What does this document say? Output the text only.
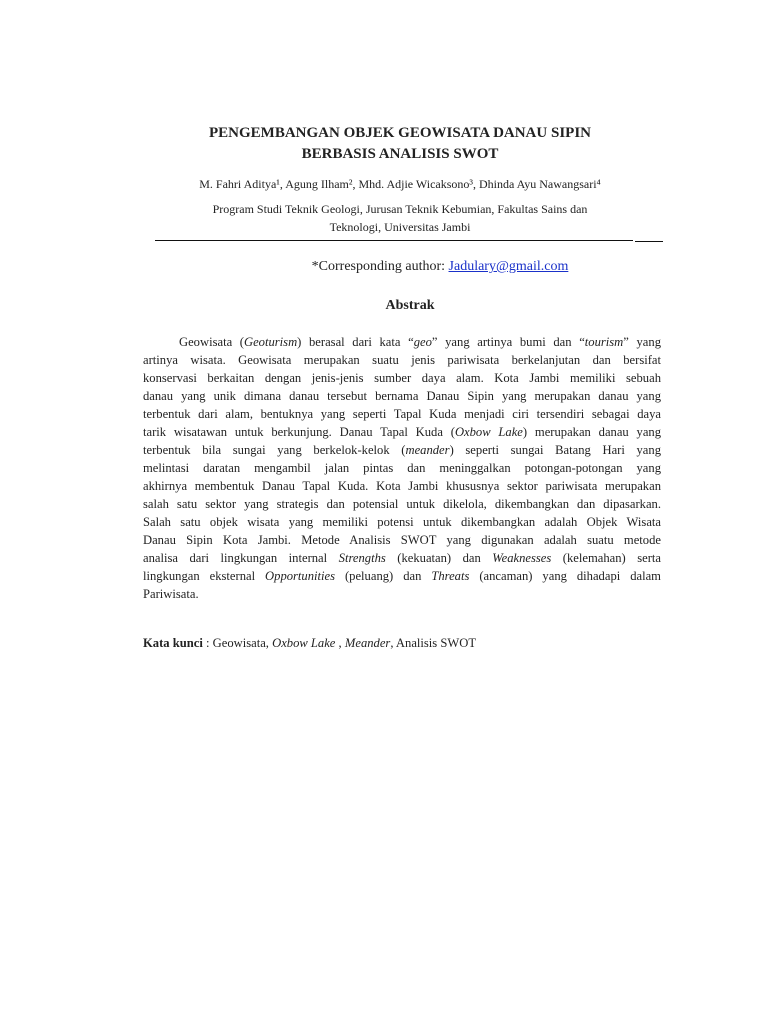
PENGEMBANGAN OBJEK GEOWISATA DANAU SIPIN
BERBASIS ANALISIS SWOT
M. Fahri Aditya¹, Agung Ilham², Mhd. Adjie Wicaksono³, Dhinda Ayu Nawangsari⁴
Program Studi Teknik Geologi, Jurusan Teknik Kebumian, Fakultas Sains dan
Teknologi, Universitas Jambi
*Corresponding author: Jadulary@gmail.com
Abstrak
Geowisata (Geoturism) berasal dari kata “geo” yang artinya bumi dan “tourism” yang
artinya wisata. Geowisata merupakan suatu jenis pariwisata berkelanjutan dan bersifat
konservasi berkaitan dengan jenis-jenis sumber daya alam. Kota Jambi memiliki sebuah
danau yang unik dimana danau tersebut bernama Danau Sipin yang merupakan danau yang
terbentuk dari alam, bentuknya yang seperti Tapal Kuda menjadi ciri tersendiri sebagai daya
tarik wisatawan untuk berkunjung. Danau Tapal Kuda (Oxbow Lake) merupakan danau yang
terbentuk bila sungai yang berkelok-kelok (meander) seperti sungai Batang Hari yang
melintasi daratan mengambil jalan pintas dan meninggalkan potongan-potongan yang
akhirnya membentuk Danau Tapal Kuda. Kota Jambi khususnya sektor pariwisata merupakan
salah satu sektor yang strategis dan potensial untuk dikelola, dikembangkan dan dipasarkan.
Salah satu objek wisata yang memiliki potensi untuk dikembangkan adalah Objek Wisata
Danau Sipin Kota Jambi. Metode Analisis SWOT yang digunakan adalah suatu metode
analisa dari lingkungan internal Strengths (kekuatan) dan Weaknesses (kelemahan) serta
lingkungan eksternal Opportunities (peluang) dan Threats (ancaman) yang dihadapi dalam
Pariwisata.
Kata kunci : Geowisata, Oxbow Lake , Meander, Analisis SWOT
